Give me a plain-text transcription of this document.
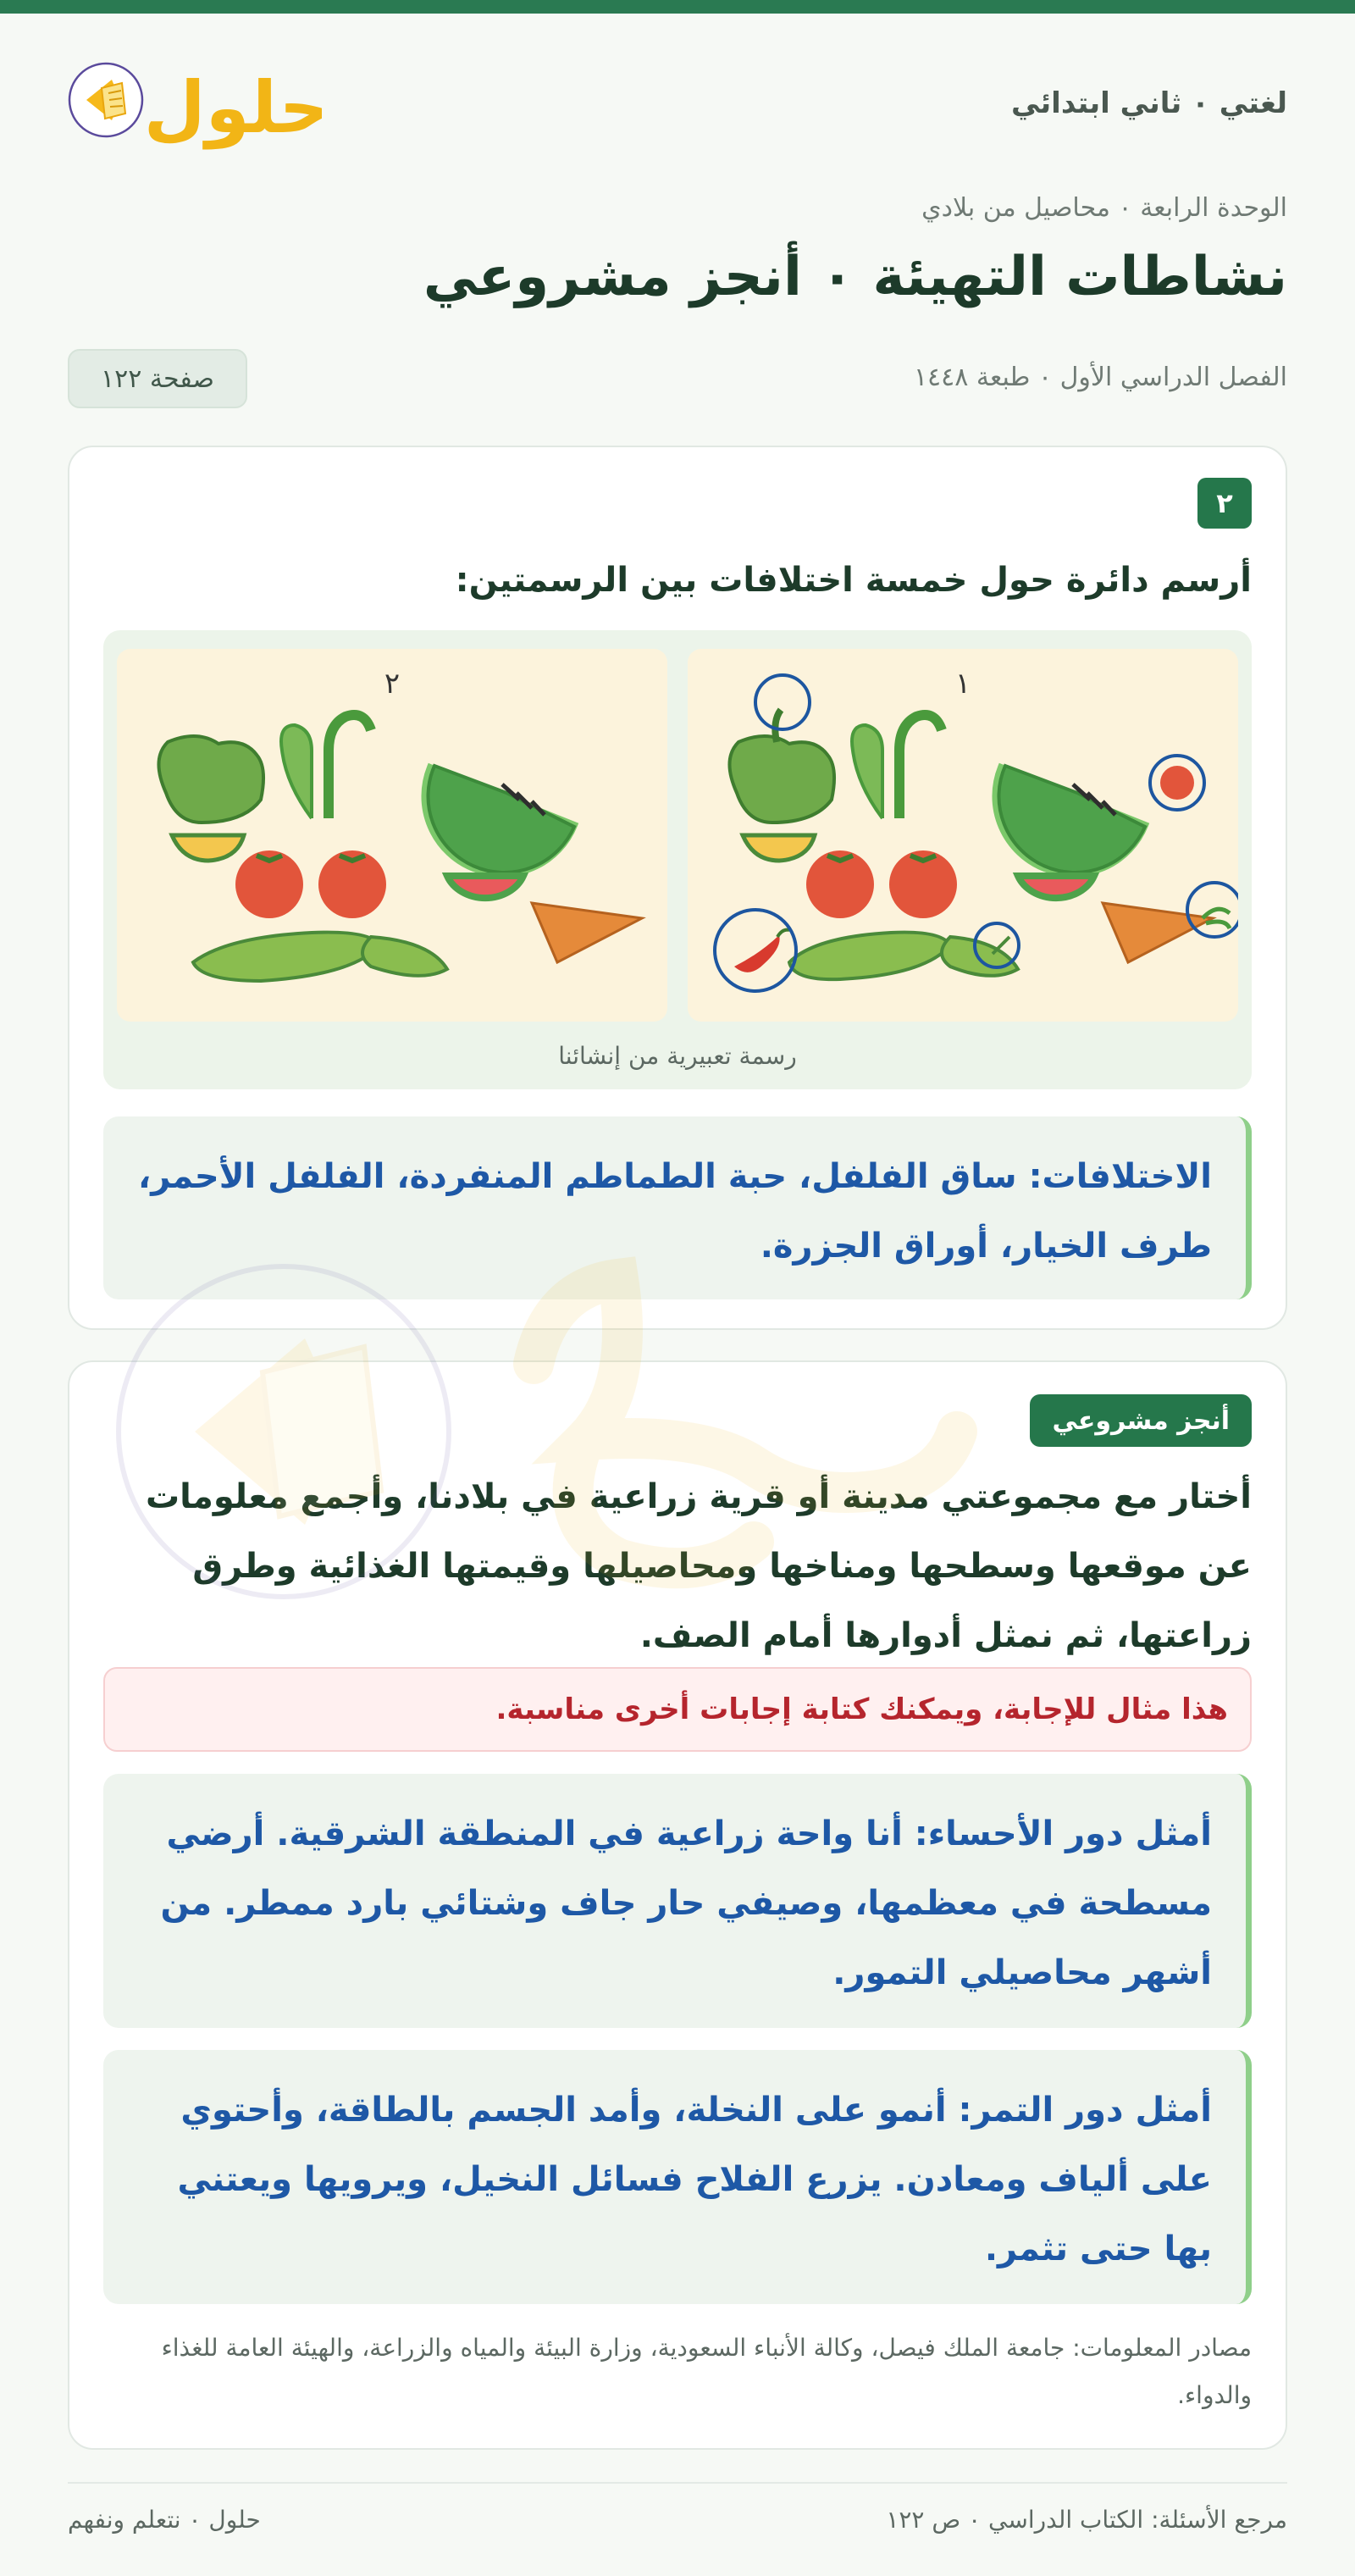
حلول	لغتي ٠ ثاني ابتدائي
الوحدة الرابعة ٠ محاصيل من بلادي
نشاطات التهيئة ٠ أنجز مشروعي
الفصل الدراسي الأول ٠ طبعة ١٤٤٨
صفحة ١٢٢
٢
أرسم دائرة حول خمسة اختلافات بين الرسمتين:
١
٢
رسمة تعبيرية من إنشائنا
الاختلافات: ساق الفلفل، حبة الطماطم المنفردة، الفلفل الأحمر، طرف الخيار، أوراق الجزرة.
أنجز مشروعي
أختار مع مجموعتي مدينة أو قرية زراعية في بلادنا، وأجمع معلومات عن موقعها وسطحها ومناخها ومحاصيلها وقيمتها الغذائية وطرق زراعتها، ثم نمثل أدوارها أمام الصف.
هذا مثال للإجابة، ويمكنك كتابة إجابات أخرى مناسبة.
أمثل دور الأحساء: أنا واحة زراعية في المنطقة الشرقية. أرضي مسطحة في معظمها، وصيفي حار جاف وشتائي بارد ممطر. من أشهر محاصيلي التمور.
أمثل دور التمر: أنمو على النخلة، وأمد الجسم بالطاقة، وأحتوي على ألياف ومعادن. يزرع الفلاح فسائل النخيل، ويرويها ويعتني بها حتى تثمر.
مصادر المعلومات: جامعة الملك فيصل، وكالة الأنباء السعودية، وزارة البيئة والمياه والزراعة، والهيئة العامة للغذاء والدواء.
مرجع الأسئلة: الكتاب الدراسي ٠ ص ١٢٢
حلول ٠ نتعلم ونفهم
